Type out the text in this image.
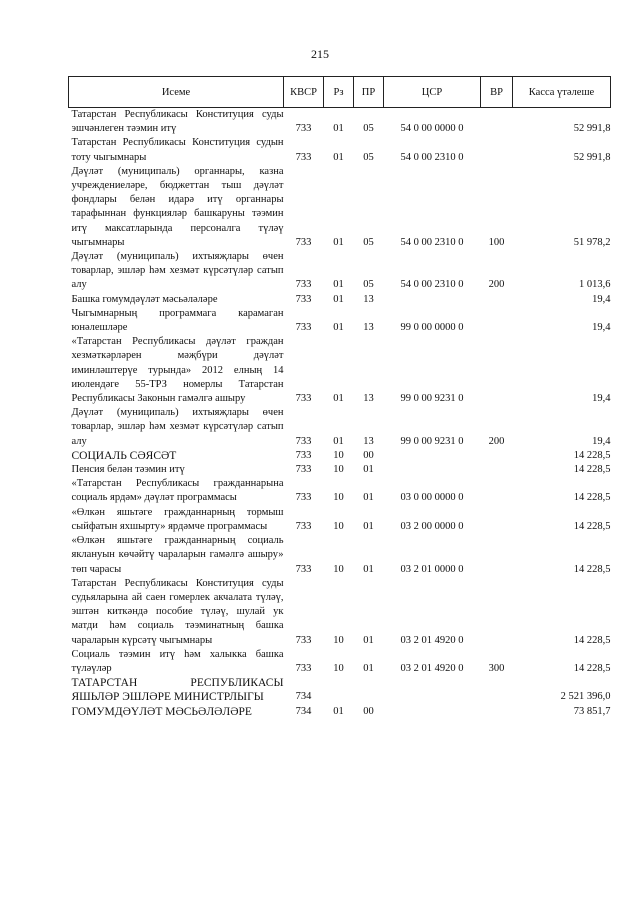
215
Исеме	КВСР	Рз	ПР	ЦСР	ВР	Касса үтәлеше
Татарстан Республикасы Конституция суды эшчәнлеген тәэмин итү	733	01	05	54 0 00 0000 0		52 991,8
Татарстан Республикасы Конституция судын тоту чыгымнары	733	01	05	54 0 00 2310 0		52 991,8
Дәүләт (муниципаль) органнары, казна учреждениеләре, бюджеттан тыш дәүләт фондлары белән идарә итү органнары тарафыннан функцияләр башкаруны тәэмин итү максатларында персоналга түләү чыгымнары	733	01	05	54 0 00 2310 0	100	51 978,2
Дәүләт (муниципаль) ихтыяҗлары өчен товарлар, эшләр һәм хезмәт күрсәтүләр сатып алу	733	01	05	54 0 00 2310 0	200	1 013,6
Башка гомумдәүләт мәсьәләләре	733	01	13			19,4
Чыгымнарның программага карамаган юнәлешләре	733	01	13	99 0 00 0000 0		19,4
«Татарстан Республикасы дәүләт граждан хезмәткәрләрен мәҗбүри дәүләт иминләштерүе турында» 2012 елның 14 июлендәге 55-ТРЗ номерлы Татарстан Республикасы Законын гамәлгә ашыру	733	01	13	99 0 00 9231 0		19,4
Дәүләт (муниципаль) ихтыяҗлары өчен товарлар, эшләр һәм хезмәт күрсәтүләр сатып алу	733	01	13	99 0 00 9231 0	200	19,4
СОЦИАЛЬ СӘЯСӘТ	733	10	00			14 228,5
Пенсия белән тәэмин итү	733	10	01			14 228,5
«Татарстан Республикасы гражданнарына социаль ярдәм» дәүләт программасы	733	10	01	03 0 00 0000 0		14 228,5
«Өлкән яшьтәге гражданнарның тормыш сыйфатын яхшырту» ярдәмче программасы	733	10	01	03 2 00 0000 0		14 228,5
«Өлкән яшьтәге гражданнарның социаль яклануын көчәйтү чараларын гамәлгә ашыру» төп чарасы	733	10	01	03 2 01 0000 0		14 228,5
Татарстан Республикасы Конституция суды судьяларына ай саен гомерлек акчалата түләү, эштән киткәндә пособие түләү, шулай ук матди һәм социаль тәэминатның башка чараларын күрсәтү чыгымнары	733	10	01	03 2 01 4920 0		14 228,5
Социаль тәэмин итү һәм халыкка башка түләүләр	733	10	01	03 2 01 4920 0	300	14 228,5
ТАТАРСТАН РЕСПУБЛИКАСЫ ЯШЬЛӘР ЭШЛӘРЕ МИНИСТРЛЫГЫ	734					2 521 396,0
ГОМУМДӘҮЛӘТ МӘСЬӘЛӘЛӘРЕ	734	01	00			73 851,7
